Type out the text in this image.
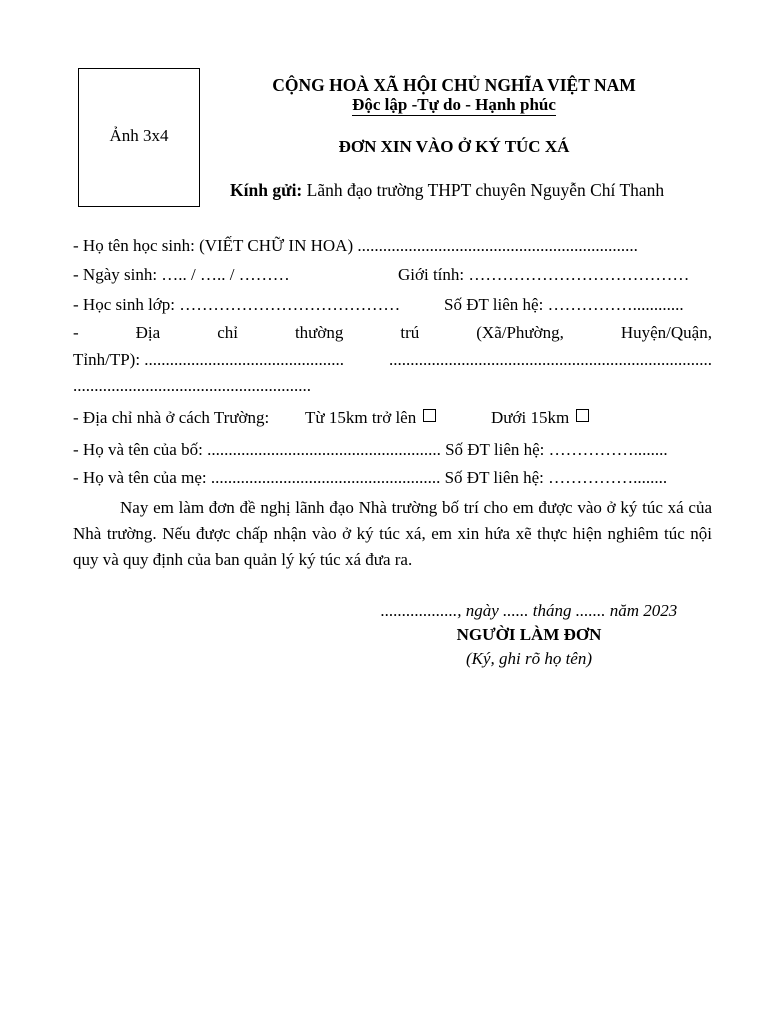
Ảnh 3x4
CỘNG HOÀ XÃ HỘI CHỦ NGHĨA VIỆT NAM
Độc lập -Tự do - Hạnh phúc
ĐƠN XIN VÀO Ở KÝ TÚC XÁ
Kính gửi: Lãnh đạo trường THPT chuyên Nguyễn Chí Thanh
- Họ tên học sinh: (VIẾT CHỮ IN HOA) ..................................................................
- Ngày sinh: ….. / ….. / ………	Giới tính: …………………………………
- Học sinh lớp: …………………………………	Số ĐT liên hệ: ……………............
-	Địa	chỉ	thường	trú	(Xã/Phường,	Huyện/Quận,
Tỉnh/TP): ...............................................	............................................................................
........................................................
- Địa chỉ nhà ở cách Trường: Từ 15km trở lên	Dưới 15km
- Họ và tên của bố: ....................................................... Số ĐT liên hệ: ……………........
- Họ và tên của mẹ: ...................................................... Số ĐT liên hệ: ……………........
Nay em làm đơn đề nghị lãnh đạo Nhà trường bố trí cho em được vào ở ký túc xá của Nhà trường. Nếu được chấp nhận vào ở ký túc xá, em xin hứa xẽ thực hiện nghiêm túc nội quy và quy định của ban quản lý ký túc xá đưa ra.
.................., ngày ...... tháng ....... năm 2023
NGƯỜI LÀM ĐƠN
(Ký, ghi rõ họ tên)
